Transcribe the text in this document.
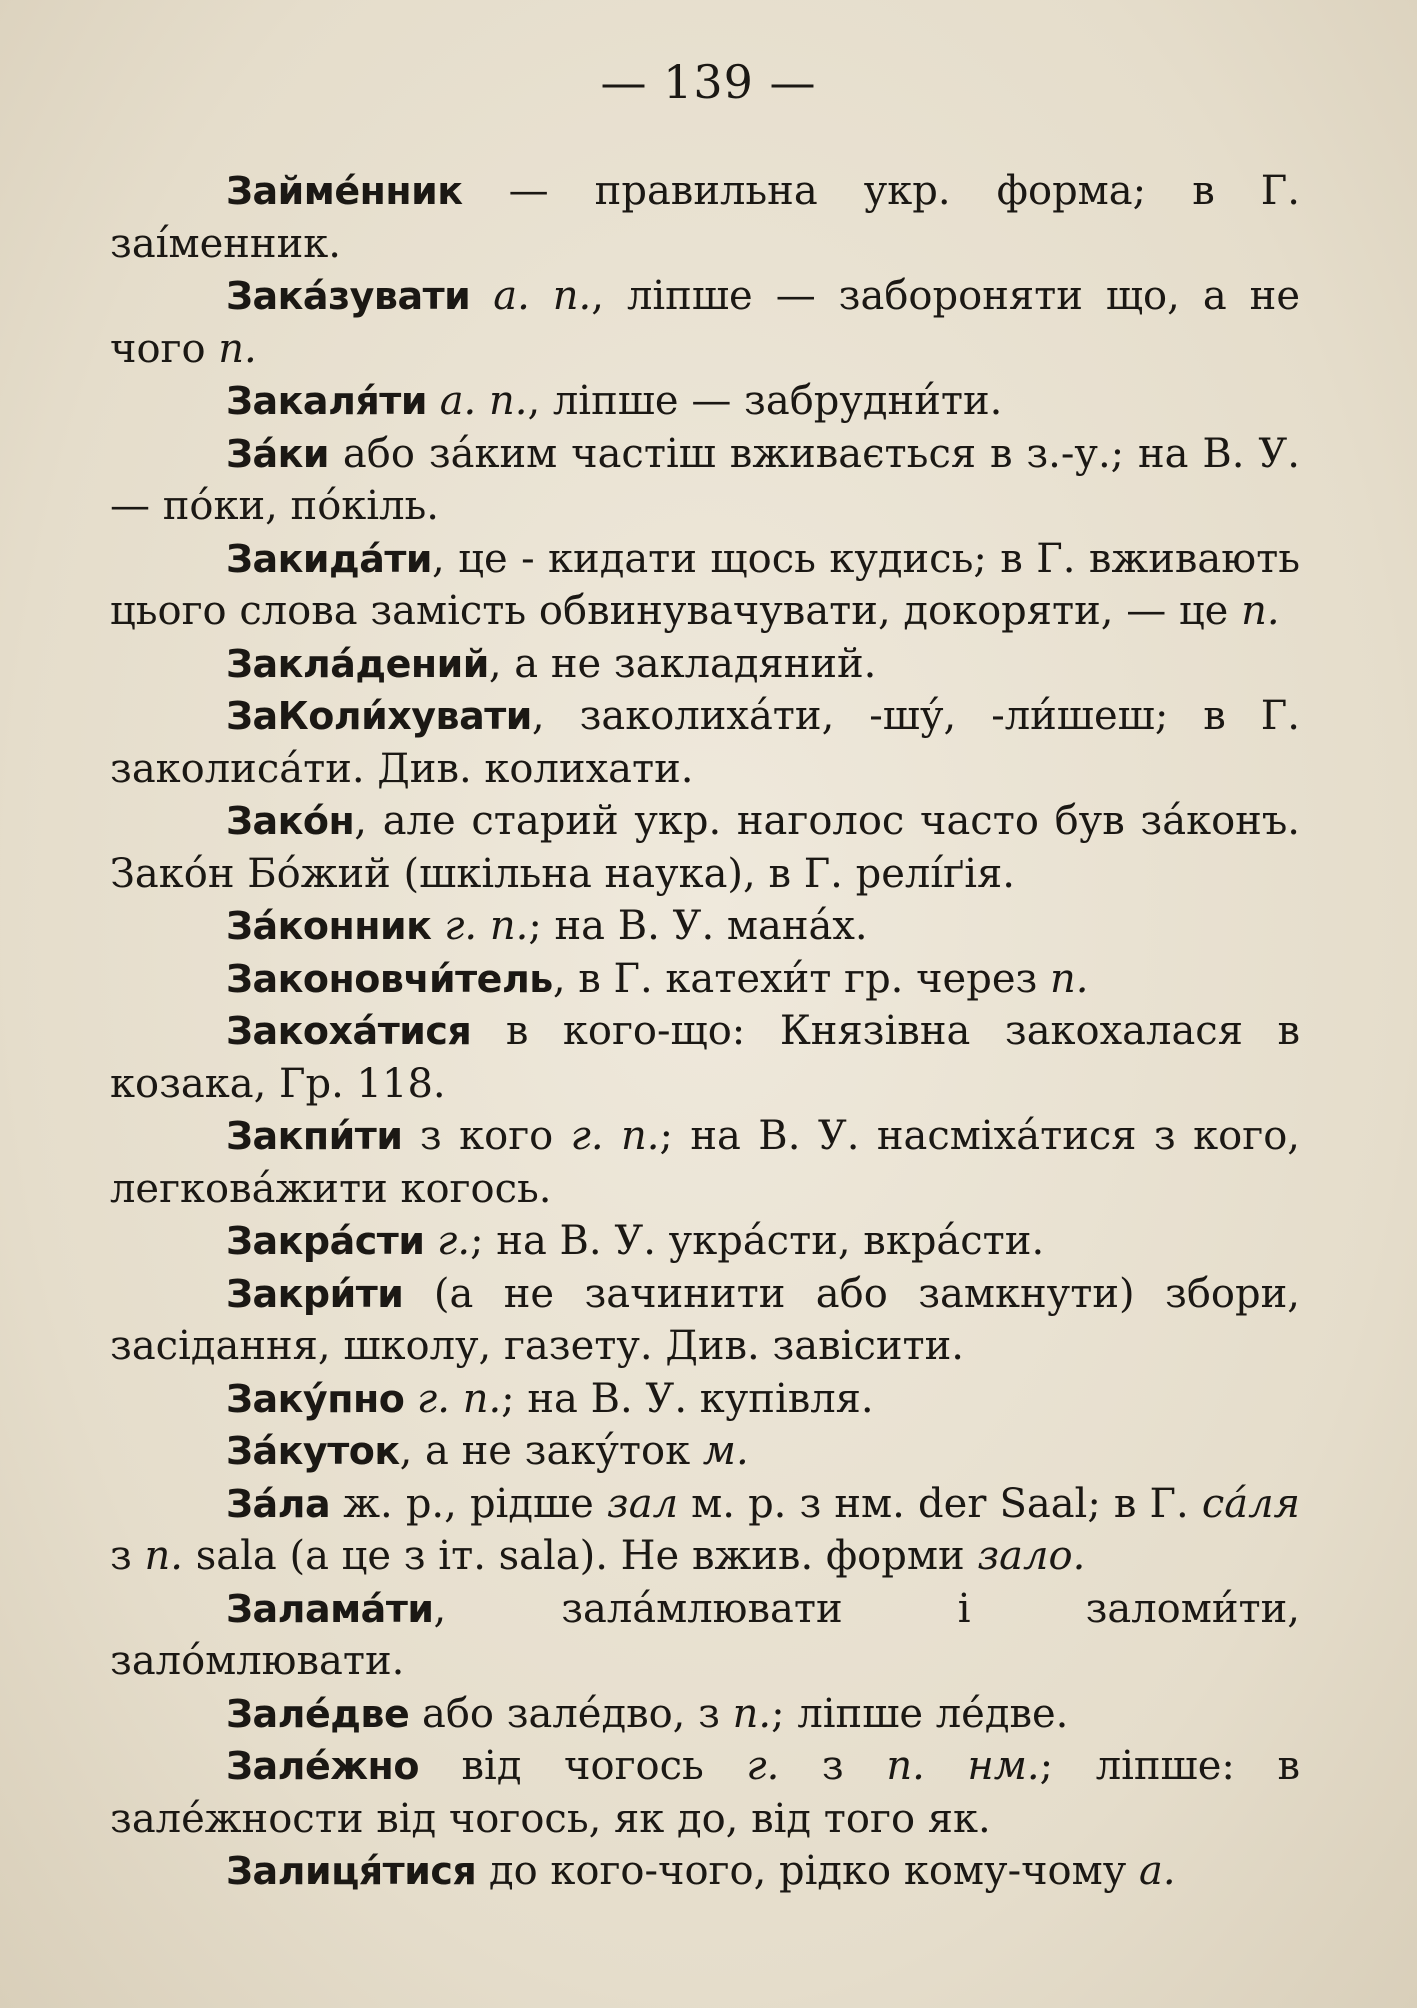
— 139 —

Займе́нник — правильна укр. форма; в Г. заі́менник.

Зака́зувати а. п., ліпше — забороняти що, а не чого п.

Закаля́ти а. п., ліпше — забрудни́ти.

За́ки або за́ким частіш вживається в з.-у.; на В. У. — по́ки, по́кіль.

Закида́ти, це - кидати щось кудись; в Г. вживають цього слова замість обвинувачувати, докоряти, — це п.

Закла́дений, а не закладяний.

ЗаКоли́хувати, заколиха́ти, -шу́, -ли́шеш; в Г. заколиса́ти. Див. колихати.

Зако́н, але старий укр. наголос часто був за́конъ. Зако́н Бо́жий (шкільна наука), в Г. релі́ґія.

За́конник г. п.; на В. У. мана́х.

Законовчи́тель, в Г. катехи́т гр. через п.

Закоха́тися в кого-що: Князівна закохалася в козака, Гр. 118.

Закпи́ти з кого г. п.; на В. У. насміха́тися з кого, легкова́жити когось.

Закра́сти г.; на В. У. укра́сти, вкра́сти.

Закри́ти (а не зачинити або замкнути) збори, засідання, школу, газету. Див. завісити.

Заку́пно г. п.; на В. У. купівля.

За́куток, а не заку́ток м.

За́ла ж. р., рідше зал м. р. з нм. der Saal; в Г. са́ля з п. sala (а це з іт. sala). Не вжив. форми зало.

Залама́ти, зала́млювати і заломи́ти, зало́млювати.

Зале́две або зале́дво, з п.; ліпше ле́две.

Зале́жно від чогось г. з п. нм.; ліпше: в зале́жности від чогось, як до, від того як.

Залиця́тися до кого-чого, рідко кому-чому а.
